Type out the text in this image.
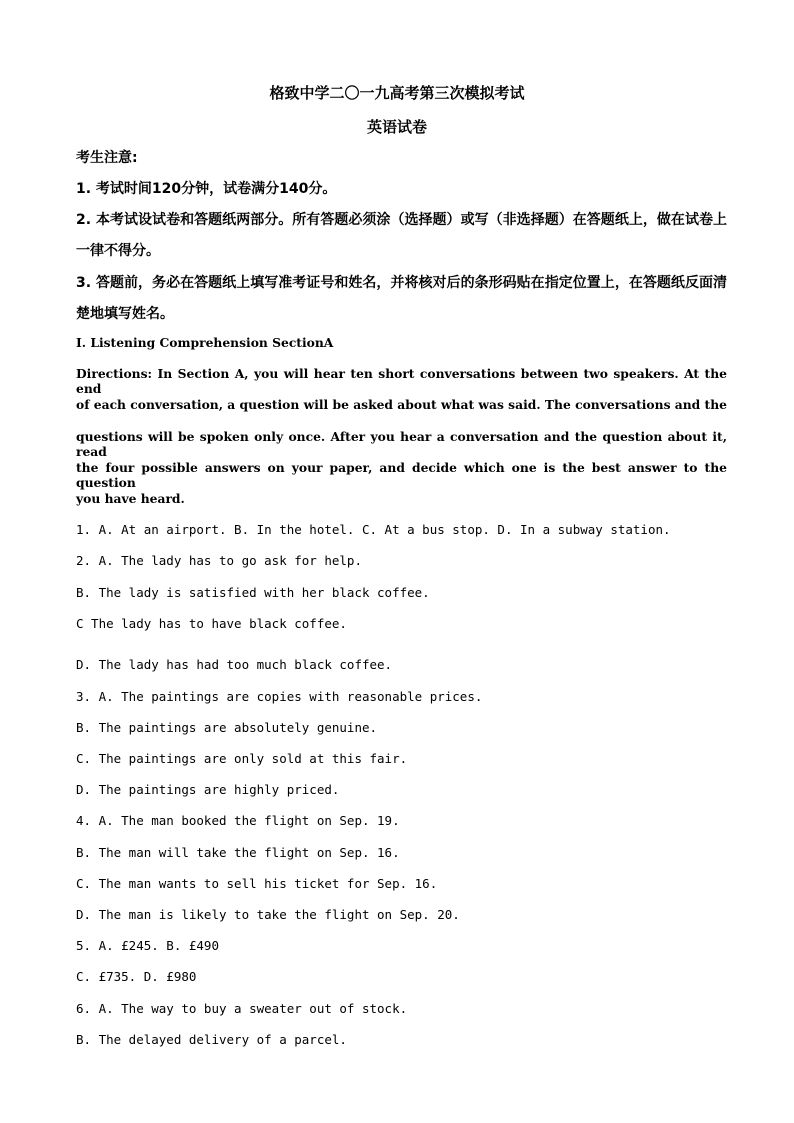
格致中学二〇一九高考第三次模拟考试
英语试卷
考生注意:
1. 考试时间120分钟，试卷满分140分。
2. 本考试设试卷和答题纸两部分。所有答题必须涂（选择题）或写（非选择题）在答题纸上，做在试卷上
一律不得分。
3. 答题前，务必在答题纸上填写准考证号和姓名，并将核对后的条形码贴在指定位置上，在答题纸反面清
楚地填写姓名。
I. Listening Comprehension SectionA
Directions: In Section A, you will hear ten short conversations between two speakers. At the end
of each conversation, a question will be asked about what was said. The conversations and the
questions will be spoken only once. After you hear a conversation and the question about it, read
the four possible answers on your paper, and decide which one is the best answer to the question
you have heard.
1. A. At an airport. B. In the hotel. C. At a bus stop. D. In a subway station.
2. A. The lady has to go ask for help.
B. The lady is satisfied with her black coffee.
C The lady has to have black coffee.
D. The lady has had too much black coffee.
3. A. The paintings are copies with reasonable prices.
B. The paintings are absolutely genuine.
C. The paintings are only sold at this fair.
D. The paintings are highly priced.
4. A. The man booked the flight on Sep. 19.
B. The man will take the flight on Sep. 16.
C. The man wants to sell his ticket for Sep. 16.
D. The man is likely to take the flight on Sep. 20.
5. A. £245. B. £490
C. £735. D. £980
6. A. The way to buy a sweater out of stock.
B. The delayed delivery of a parcel.
